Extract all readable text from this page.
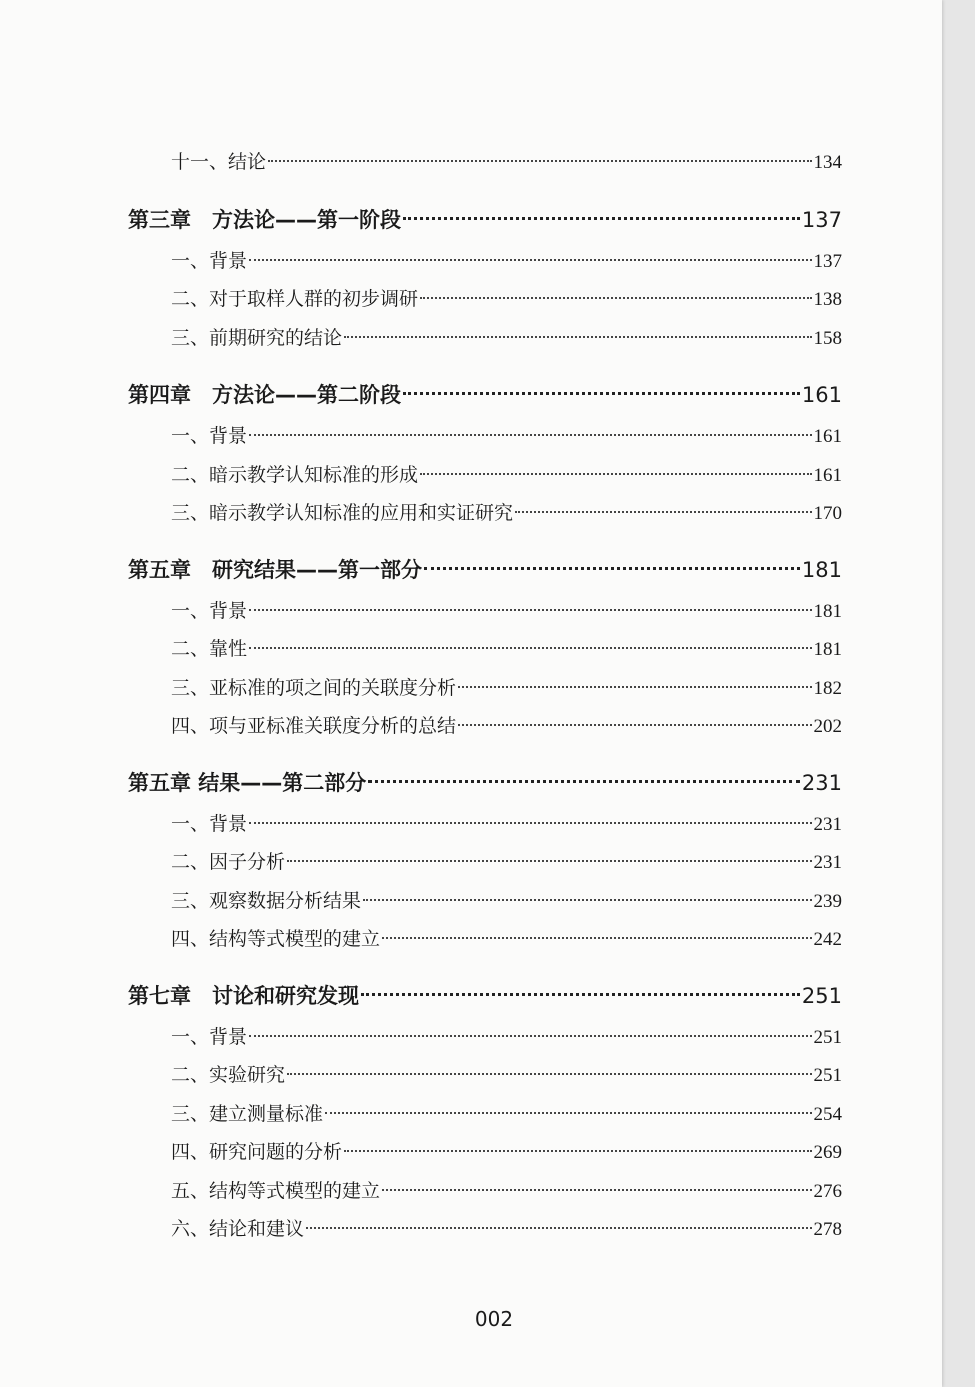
十一、结论	134
第三章　方法论——第一阶段	137
一、背景	137
二、对于取样人群的初步调研	138
三、前期研究的结论	158
第四章　方法论——第二阶段	161
一、背景	161
二、暗示教学认知标准的形成	161
三、暗示教学认知标准的应用和实证研究	170
第五章　研究结果——第一部分	181
一、背景	181
二、靠性	181
三、亚标准的项之间的关联度分析	182
四、项与亚标准关联度分析的总结	202
第五章 结果——第二部分	231
一、背景	231
二、因子分析	231
三、观察数据分析结果	239
四、结构等式模型的建立	242
第七章　讨论和研究发现	251
一、背景	251
二、实验研究	251
三、建立测量标准	254
四、研究问题的分析	269
五、结构等式模型的建立	276
六、结论和建议	278
002
